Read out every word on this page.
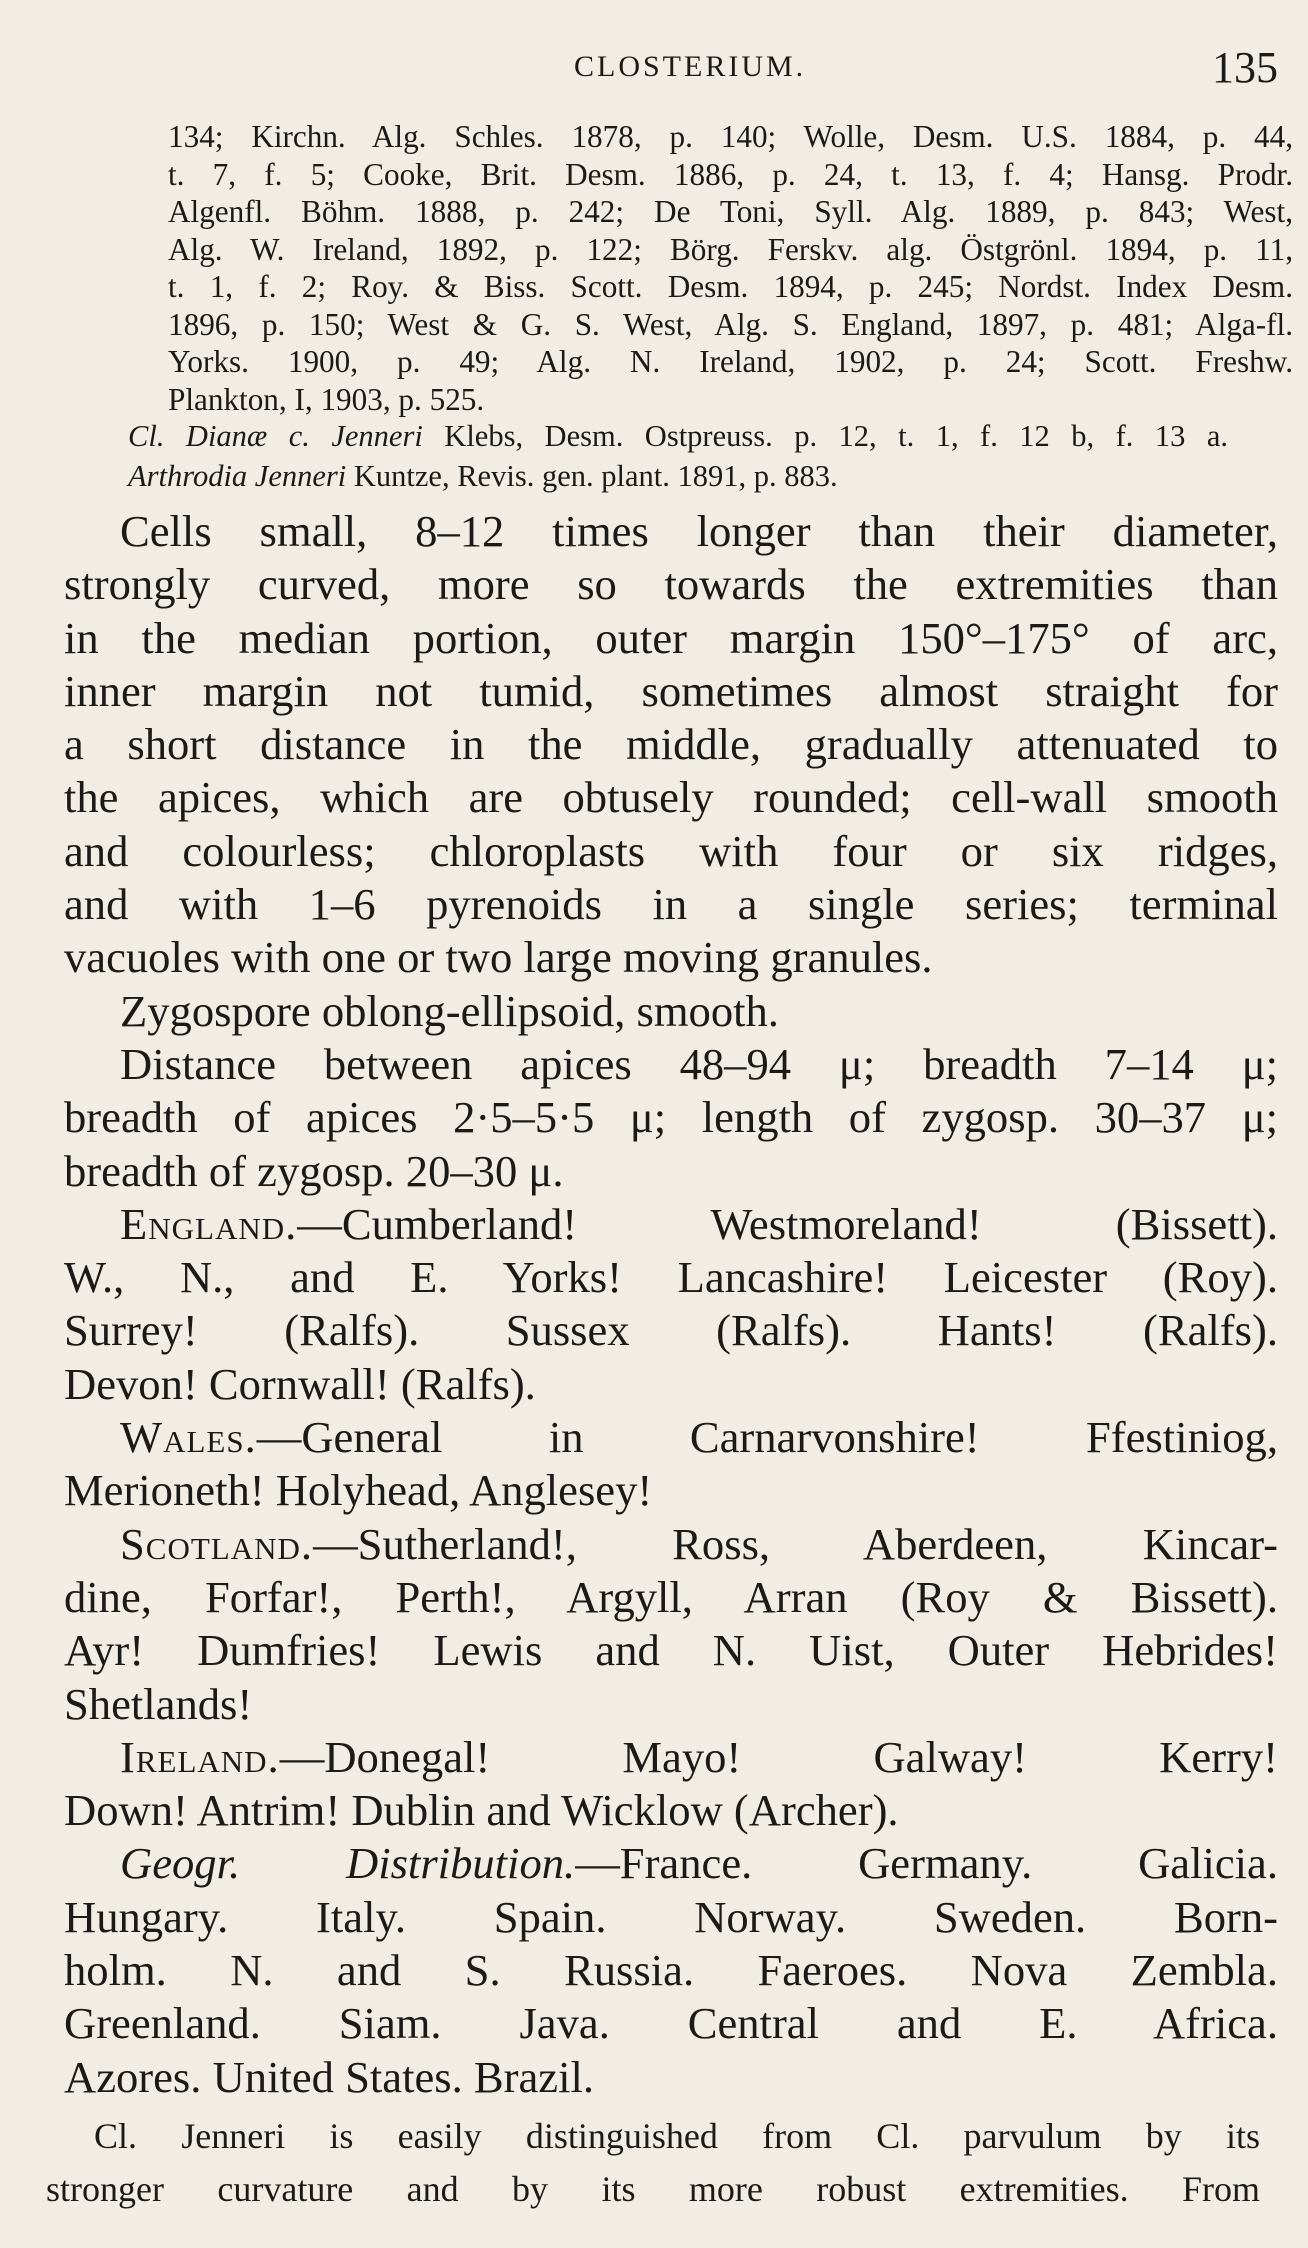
CLOSTERIUM.	135
134; Kirchn. Alg. Schles. 1878, p. 140; Wolle, Desm. U.S. 1884, p. 44,
t. 7, f. 5; Cooke, Brit. Desm. 1886, p. 24, t. 13, f. 4; Hansg. Prodr.
Algenfl. Böhm. 1888, p. 242; De Toni, Syll. Alg. 1889, p. 843; West,
Alg. W. Ireland, 1892, p. 122; Börg. Ferskv. alg. Östgrönl. 1894, p. 11,
t. 1, f. 2; Roy. & Biss. Scott. Desm. 1894, p. 245; Nordst. Index Desm.
1896, p. 150; West & G. S. West, Alg. S. England, 1897, p. 481; Alga-fl.
Yorks. 1900, p. 49; Alg. N. Ireland, 1902, p. 24; Scott. Freshw.
Plankton, I, 1903, p. 525.
Cl. Dianæ c. Jenneri Klebs, Desm. Ostpreuss. p. 12, t. 1, f. 12 b, f. 13 a.
Arthrodia Jenneri Kuntze, Revis. gen. plant. 1891, p. 883.
Cells small, 8–12 times longer than their diameter,
strongly curved, more so towards the extremities than
in the median portion, outer margin 150°–175° of arc,
inner margin not tumid, sometimes almost straight for
a short distance in the middle, gradually attenuated to
the apices, which are obtusely rounded; cell-wall smooth
and colourless; chloroplasts with four or six ridges,
and with 1–6 pyrenoids in a single series; terminal
vacuoles with one or two large moving granules.
Zygospore oblong-ellipsoid, smooth.
Distance between apices 48–94 μ; breadth 7–14 μ;
breadth of apices 2·5–5·5 μ; length of zygosp. 30–37 μ;
breadth of zygosp. 20–30 μ.
England.—Cumberland! Westmoreland! (Bissett).
W., N., and E. Yorks! Lancashire! Leicester (Roy).
Surrey! (Ralfs). Sussex (Ralfs). Hants! (Ralfs).
Devon! Cornwall! (Ralfs).
Wales.—General in Carnarvonshire! Ffestiniog,
Merioneth! Holyhead, Anglesey!
Scotland.—Sutherland!, Ross, Aberdeen, Kincar-
dine, Forfar!, Perth!, Argyll, Arran (Roy & Bissett).
Ayr! Dumfries! Lewis and N. Uist, Outer Hebrides!
Shetlands!
Ireland.—Donegal! Mayo! Galway! Kerry!
Down! Antrim! Dublin and Wicklow (Archer).
Geogr. Distribution.—France. Germany. Galicia.
Hungary. Italy. Spain. Norway. Sweden. Born-
holm. N. and S. Russia. Faeroes. Nova Zembla.
Greenland. Siam. Java. Central and E. Africa.
Azores. United States. Brazil.
Cl. Jenneri is easily distinguished from Cl. parvulum by its
stronger curvature and by its more robust extremities. From
